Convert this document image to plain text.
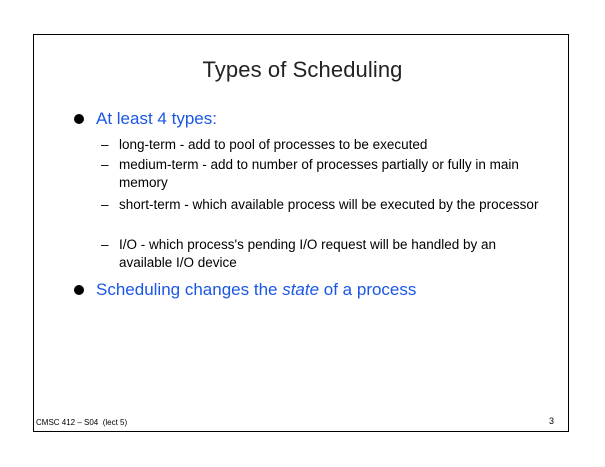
Types of Scheduling
At least 4 types:
– long-term - add to pool of processes to be executed
– medium-term - add to number of processes partially or fully in main memory
– short-term - which available process will be executed by the processor
– I/O - which process's pending I/O request will be handled by an available I/O device
Scheduling changes the state of a process
CMSC 412 – S04  (lect 5)	3
